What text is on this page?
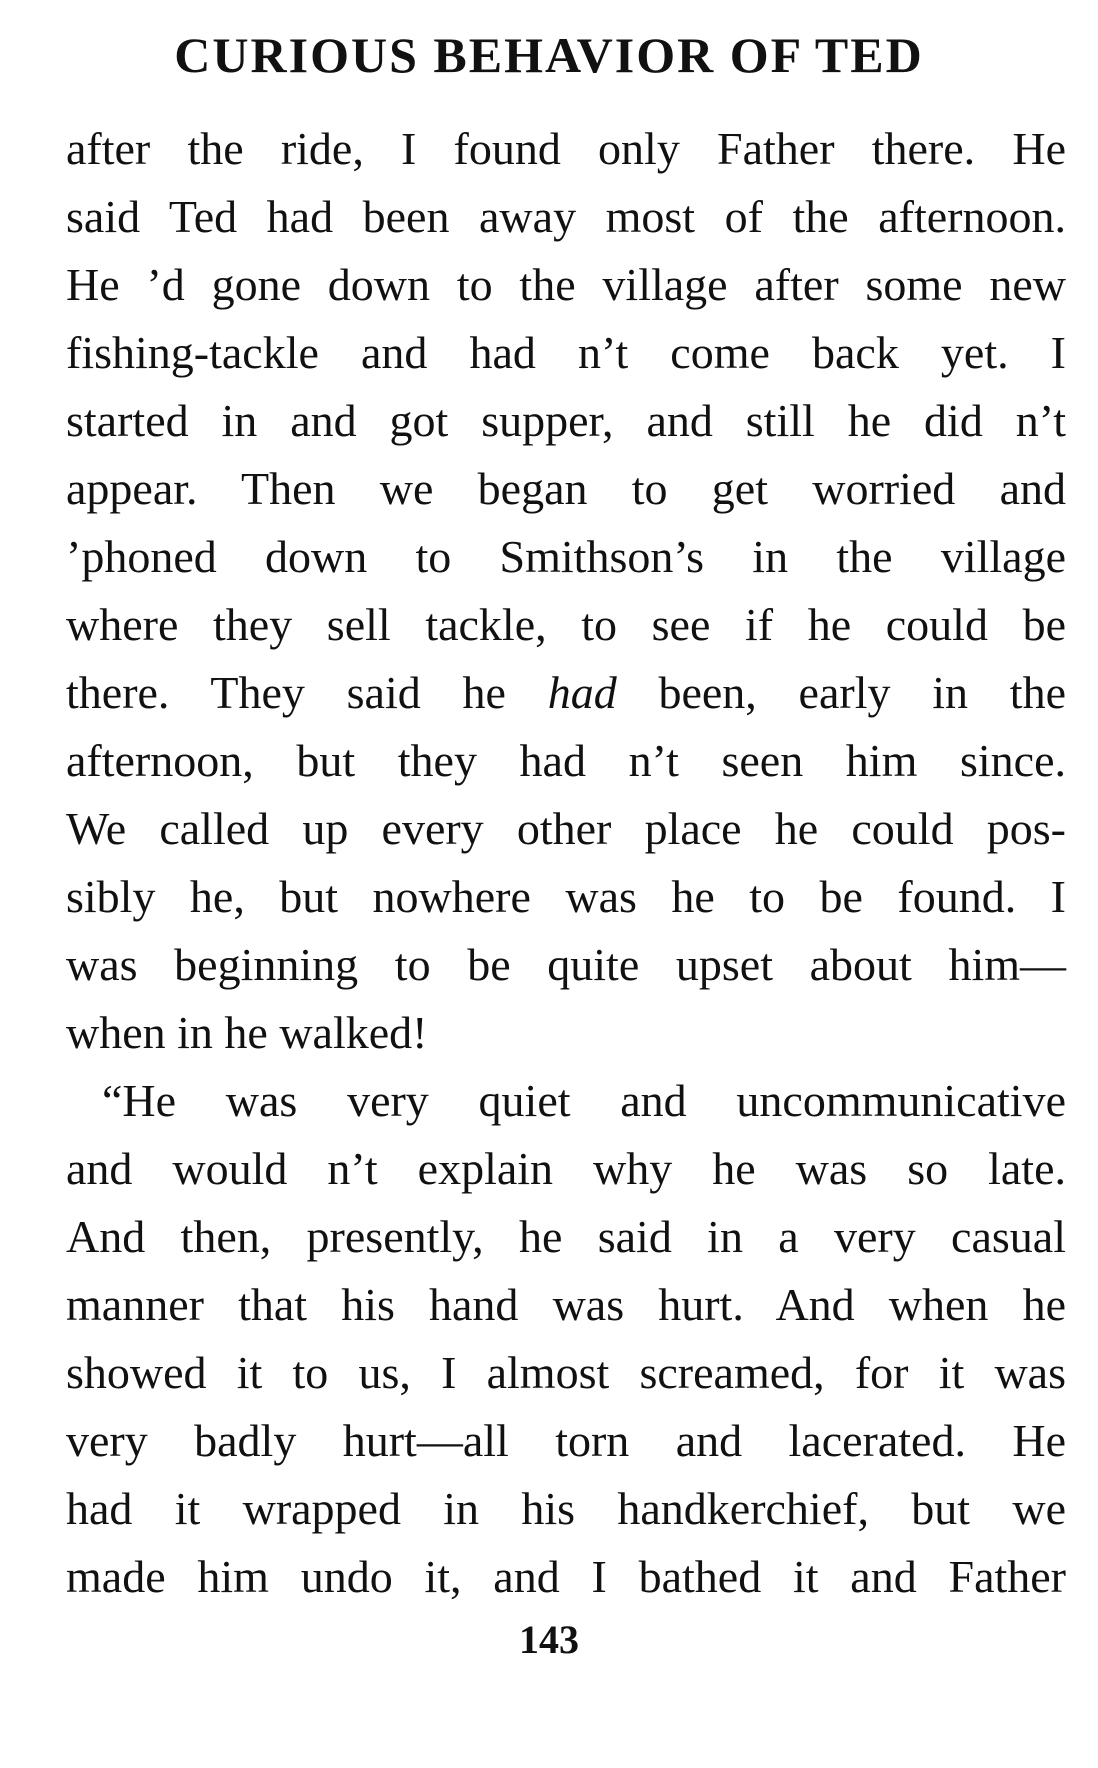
CURIOUS BEHAVIOR OF TED
after the ride, I found only Father there. He
said Ted had been away most of the afternoon.
He ’d gone down to the village after some new
fishing-tackle and had n’t come back yet. I
started in and got supper, and still he did n’t
appear. Then we began to get worried and
’phoned down to Smithson’s in the village
where they sell tackle, to see if he could be
there. They said he had been, early in the
afternoon, but they had n’t seen him since.
We called up every other place he could pos-
sibly he, but nowhere was he to be found. I
was beginning to be quite upset about him—
when in he walked!
“He was very quiet and uncommunicative
and would n’t explain why he was so late.
And then, presently, he said in a very casual
manner that his hand was hurt. And when he
showed it to us, I almost screamed, for it was
very badly hurt—all torn and lacerated. He
had it wrapped in his handkerchief, but we
made him undo it, and I bathed it and Father
143
